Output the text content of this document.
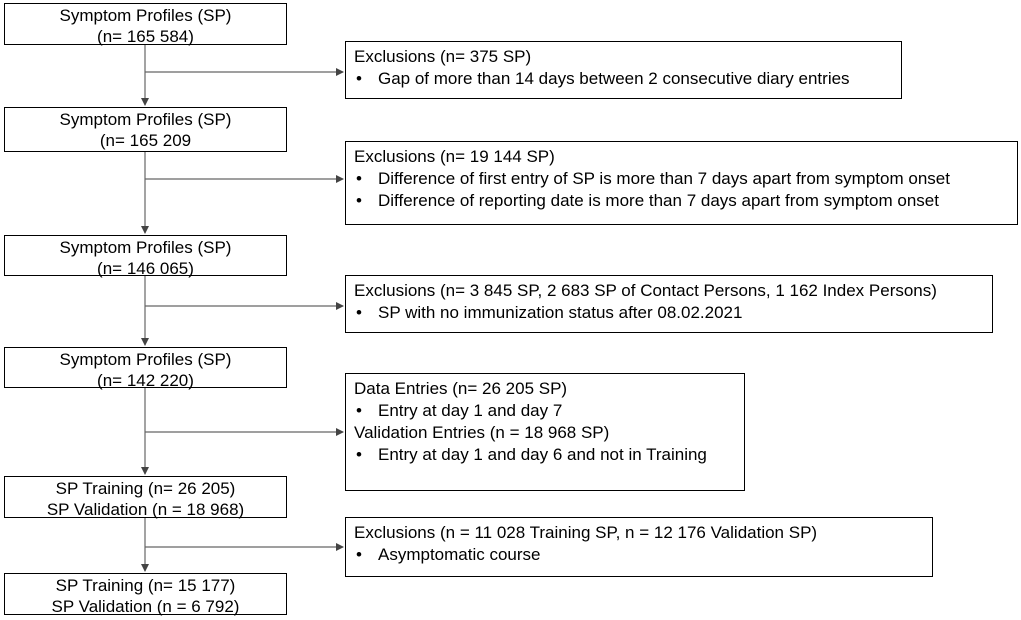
Symptom Profiles (SP)
(n= 165 584)
Symptom Profiles (SP)
(n= 165 209
Symptom Profiles (SP)
(n= 146 065)
Symptom Profiles (SP)
(n= 142 220)
SP Training (n= 26 205)
SP Validation (n = 18 968)
SP Training (n= 15 177)
SP Validation (n = 6 792)
Exclusions (n= 375 SP)
• Gap of more than 14 days between 2 consecutive diary entries
Exclusions (n= 19 144 SP)
• Difference of first entry of SP is more than 7 days apart from symptom onset
• Difference of reporting date is more than 7 days apart from symptom onset
Exclusions (n= 3 845 SP, 2 683 SP of Contact Persons, 1 162 Index Persons)
• SP with no immunization status after 08.02.2021
Data Entries (n= 26 205 SP)
• Entry at day 1 and day 7
Validation Entries (n = 18 968 SP)
• Entry at day 1 and day 6 and not in Training
Exclusions (n = 11 028 Training SP, n = 12 176 Validation SP)
• Asymptomatic course
